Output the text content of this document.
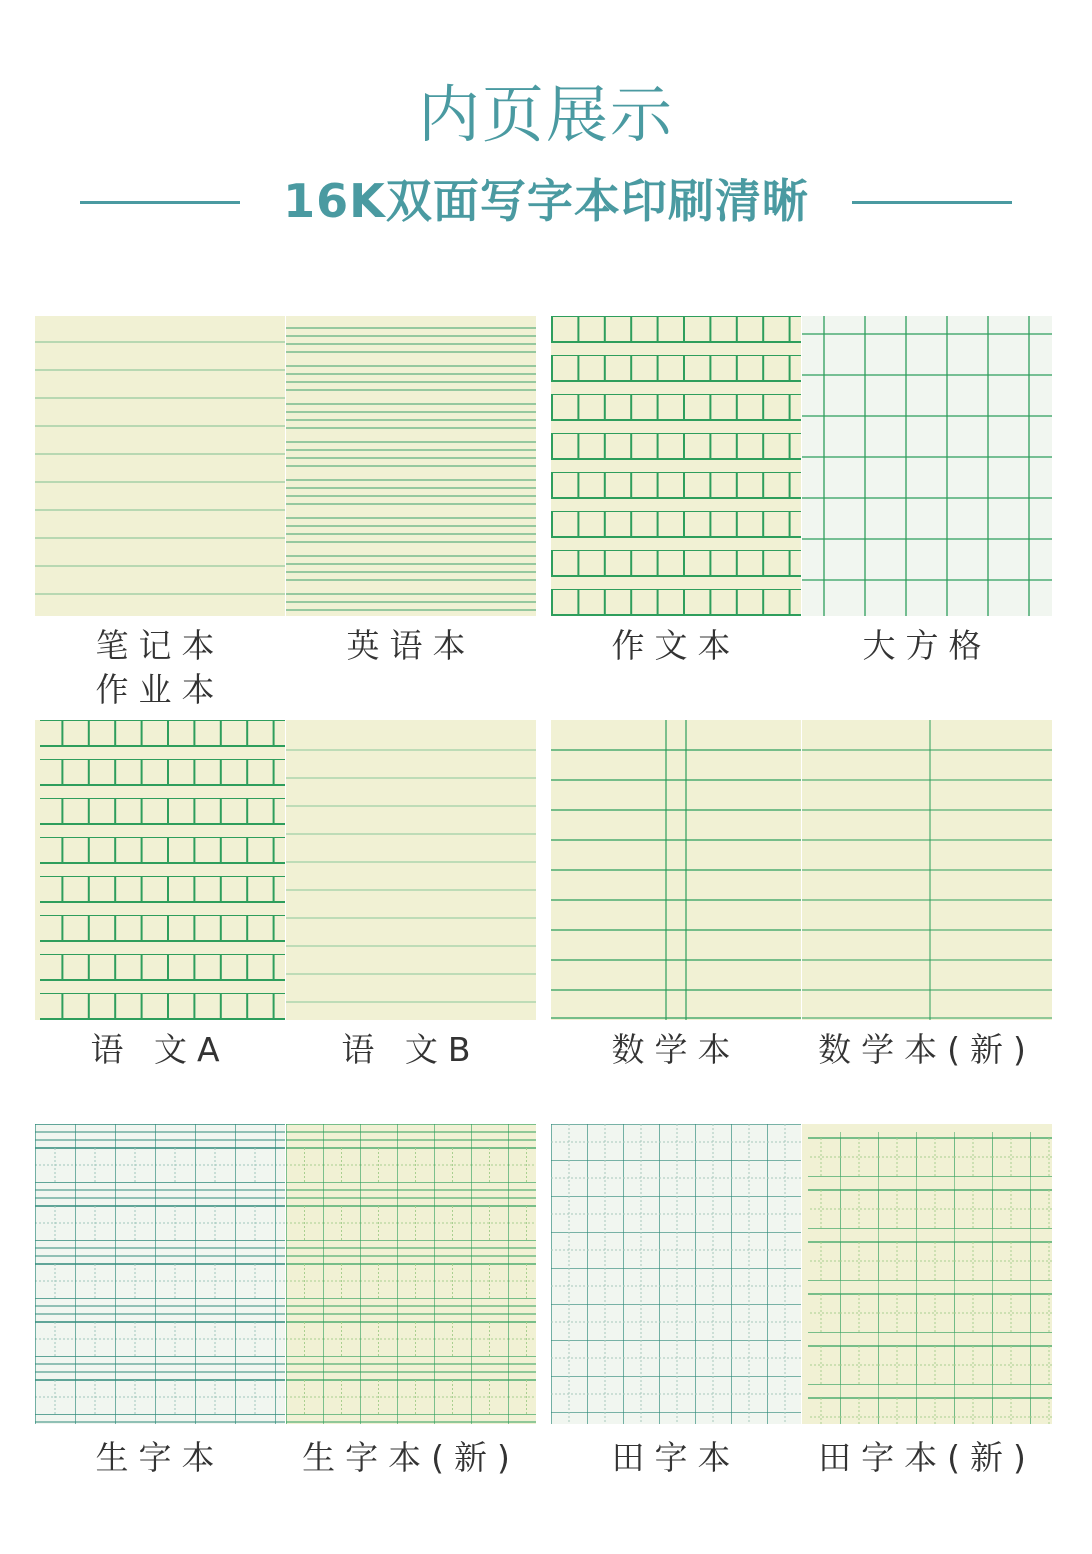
内页展示
16K双面写字本印刷清晰
笔记本
作业本
英语本	作文本	大方格
语 文A	语 文B	数学本	数学本(新)
生字本	生字本(新)	田字本	田字本(新)
